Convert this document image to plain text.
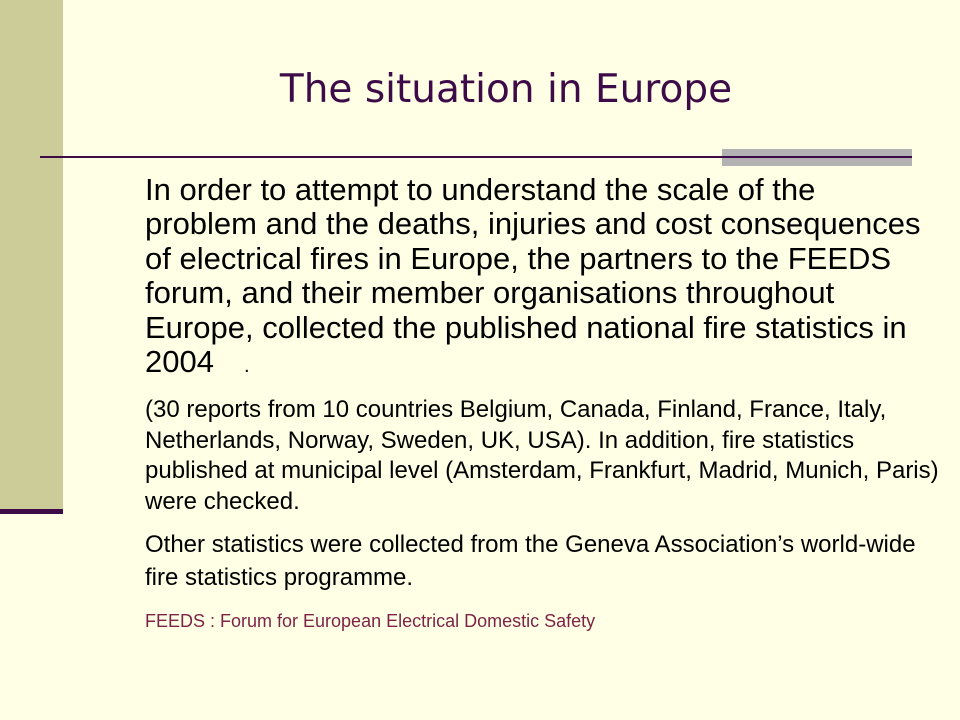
The situation in Europe
In order to attempt to understand the scale of the
problem and the deaths, injuries and cost consequences
of electrical fires in Europe, the partners to the FEEDS
forum, and their member organisations throughout
Europe, collected the published national fire statistics in
2004 .
(30 reports from 10 countries Belgium, Canada, Finland, France, Italy,
Netherlands, Norway, Sweden, UK, USA). In addition, fire statistics
published at municipal level (Amsterdam, Frankfurt, Madrid, Munich, Paris)
were checked.
Other statistics were collected from the Geneva Association’s world-wide
fire statistics programme.
FEEDS : Forum for European Electrical Domestic Safety
